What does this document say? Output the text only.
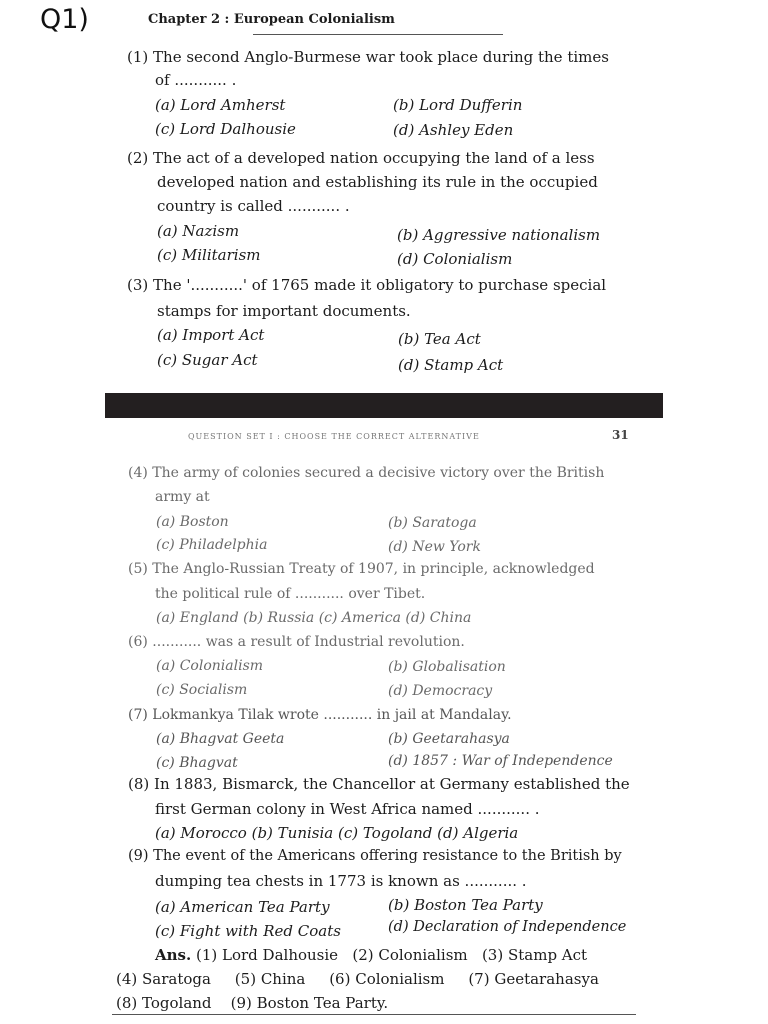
Q1)	Chapter 2 : European Colonialism
(1) The second Anglo-Burmese war took place during the times
of ........... .
(a) Lord Amherst	(b) Lord Dufferin
(c) Lord Dalhousie	(d) Ashley Eden
(2) The act of a developed nation occupying the land of a less
developed nation and establishing its rule in the occupied
country is called ........... .
(a) Nazism	(b) Aggressive nationalism
(c) Militarism	(d) Colonialism
(3) The '...........' of 1765 made it obligatory to purchase special
stamps for important documents.
(a) Import Act	(b) Tea Act
(c) Sugar Act	(d) Stamp Act
QUESTION SET I : CHOOSE THE CORRECT ALTERNATIVE	31
(4) The army of colonies secured a decisive victory over the British
army at
(a) Boston	(b) Saratoga
(c) Philadelphia	(d) New York
(5) The Anglo-Russian Treaty of 1907, in principle, acknowledged
the political rule of ........... over Tibet.
(a) England (b) Russia (c) America (d) China
(6) ........... was a result of Industrial revolution.
(a) Colonialism	(b) Globalisation
(c) Socialism	(d) Democracy
(7) Lokmankya Tilak wrote ........... in jail at Mandalay.
(a) Bhagvat Geeta	(b) Geetarahasya
(c) Bhagvat	(d) 1857 : War of Independence
(8) In 1883, Bismarck, the Chancellor at Germany established the
first German colony in West Africa named ........... .
(a) Morocco (b) Tunisia (c) Togoland (d) Algeria
(9) The event of the Americans offering resistance to the British by
dumping tea chests in 1773 is known as ........... .
(a) American Tea Party	(b) Boston Tea Party
(c) Fight with Red Coats	(d) Declaration of Independence
Ans. (1) Lord Dalhousie (2) Colonialism (3) Stamp Act
(4) Saratoga (5) China (6) Colonialism (7) Geetarahasya
(8) Togoland (9) Boston Tea Party.
